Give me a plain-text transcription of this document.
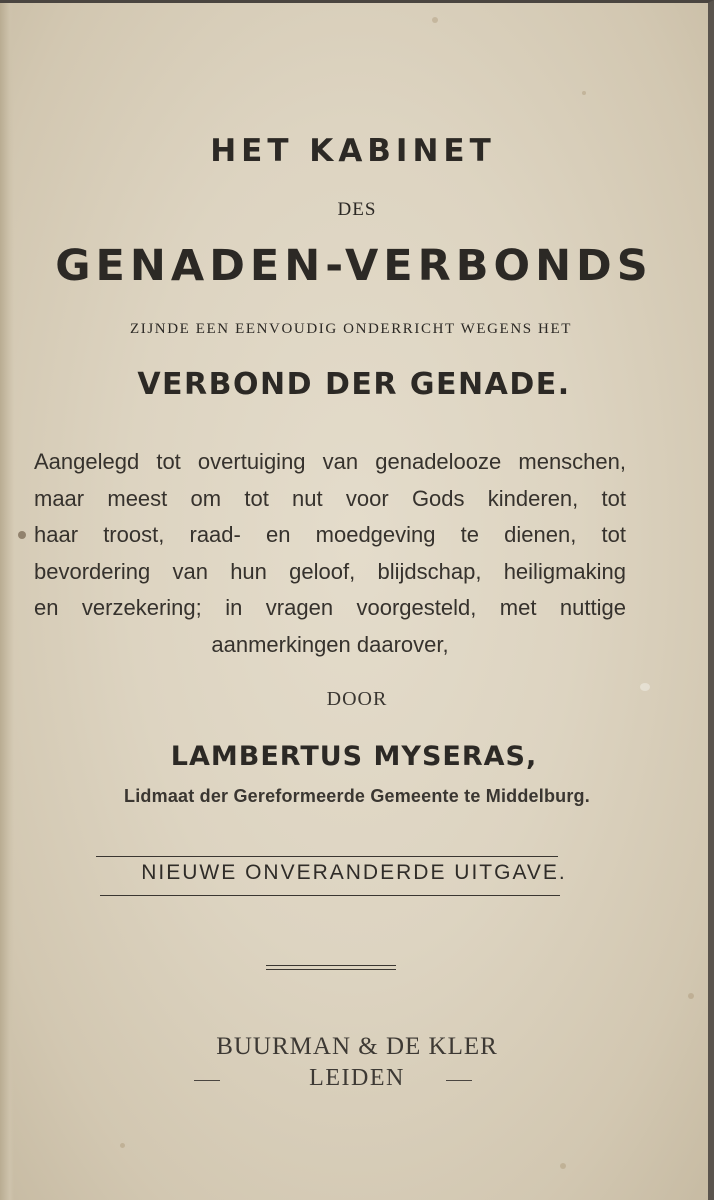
HET KABINET
DES
GENADEN-VERBONDS
ZIJNDE EEN EENVOUDIG ONDERRICHT WEGENS HET
VERBOND DER GENADE.
Aangelegd tot overtuiging van genadelooze menschen,
maar meest om tot nut voor Gods kinderen, tot
haar troost, raad- en moedgeving te dienen, tot
bevordering van hun geloof, blijdschap, heiligmaking
en verzekering; in vragen voorgesteld, met nuttige
aanmerkingen daarover,
DOOR
LAMBERTUS MYSERAS,
Lidmaat der Gereformeerde Gemeente te Middelburg.
NIEUWE ONVERANDERDE UITGAVE.
BUURMAN & DE KLER
LEIDEN
